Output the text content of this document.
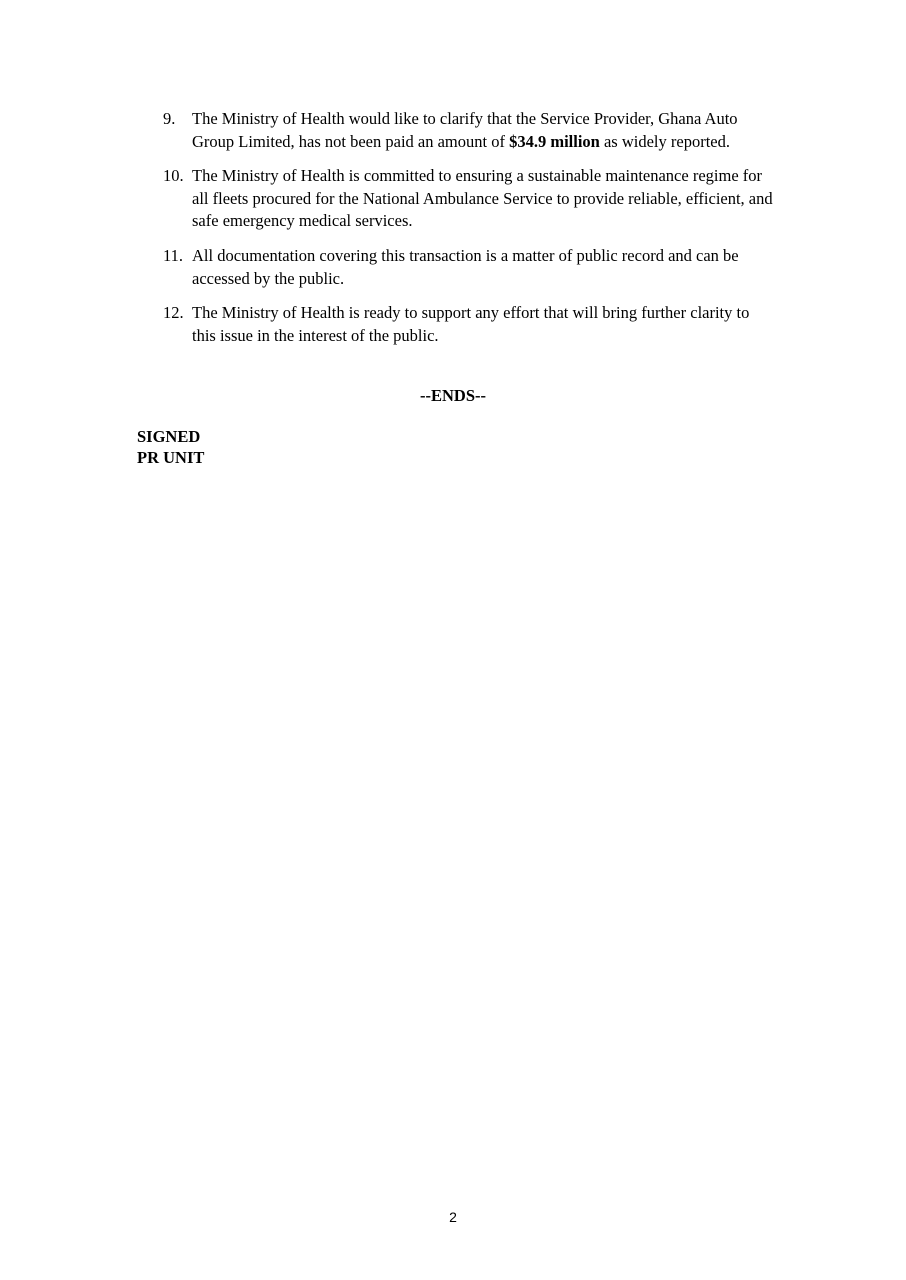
9.	The Ministry of Health would like to clarify that the Service Provider, Ghana Auto Group Limited, has not been paid an amount of $34.9 million as widely reported.
10. The Ministry of Health is committed to ensuring a sustainable maintenance regime for all fleets procured for the National Ambulance Service to provide reliable, efficient, and safe emergency medical services.
11. All documentation covering this transaction is a matter of public record and can be accessed by the public.
12. The Ministry of Health is ready to support any effort that will bring further clarity to this issue in the interest of the public.
--ENDS--
SIGNED
PR UNIT
2
